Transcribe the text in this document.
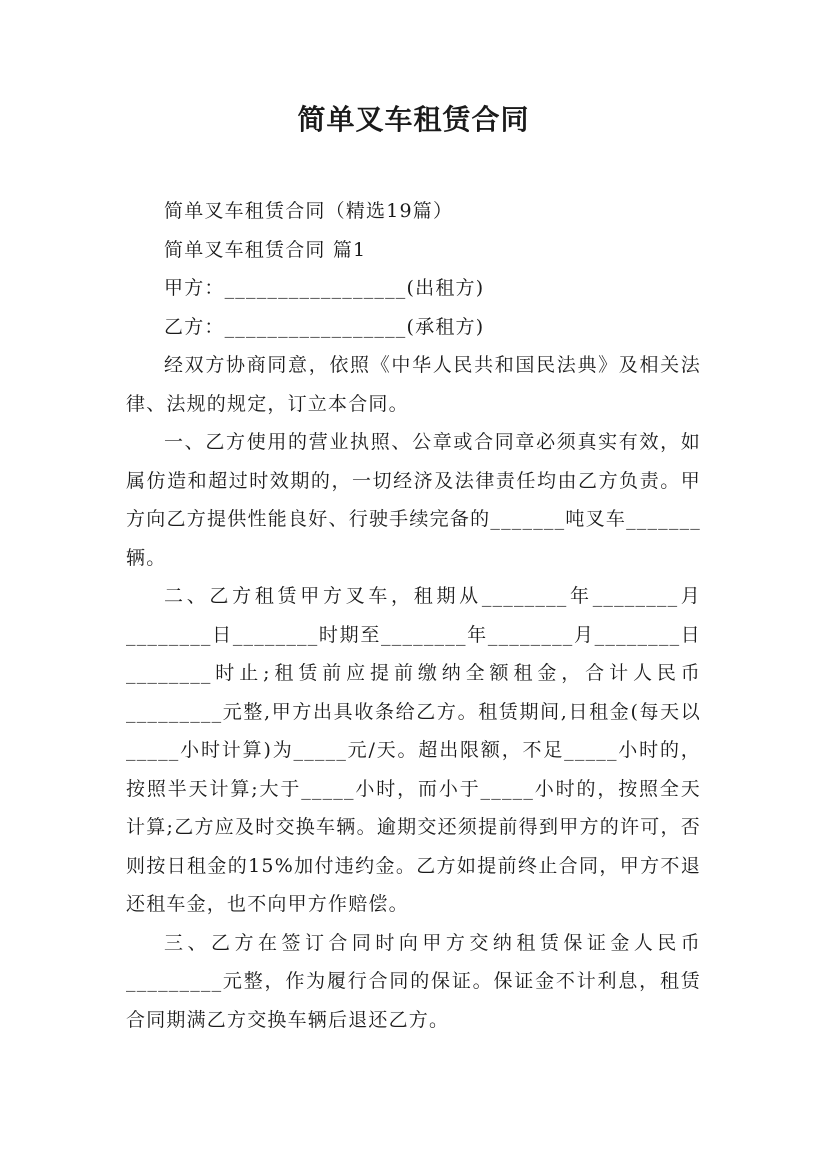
简单叉车租赁合同

简单叉车租赁合同（精选19篇）

简单叉车租赁合同 篇1

甲方：_________________(出租方)

乙方：_________________(承租方)

经双方协商同意，依照《中华人民共和国民法典》及相关法律、法规的规定，订立本合同。

一、乙方使用的营业执照、公章或合同章必须真实有效，如属仿造和超过时效期的，一切经济及法律责任均由乙方负责。甲方向乙方提供性能良好、行驶手续完备的_______吨叉车_______辆。

二、乙方租赁甲方叉车，租期从________年________月________日________时期至________年________月________日________时止;租赁前应提前缴纳全额租金，合计人民币_________元整,甲方出具收条给乙方。租赁期间,日租金(每天以_____小时计算)为_____元/天。超出限额，不足_____小时的，按照半天计算;大于_____小时，而小于_____小时的，按照全天计算;乙方应及时交换车辆。逾期交还须提前得到甲方的许可，否则按日租金的15%加付违约金。乙方如提前终止合同，甲方不退还租车金，也不向甲方作赔偿。

三、乙方在签订合同时向甲方交纳租赁保证金人民币_________元整，作为履行合同的保证。保证金不计利息，租赁合同期满乙方交换车辆后退还乙方。
